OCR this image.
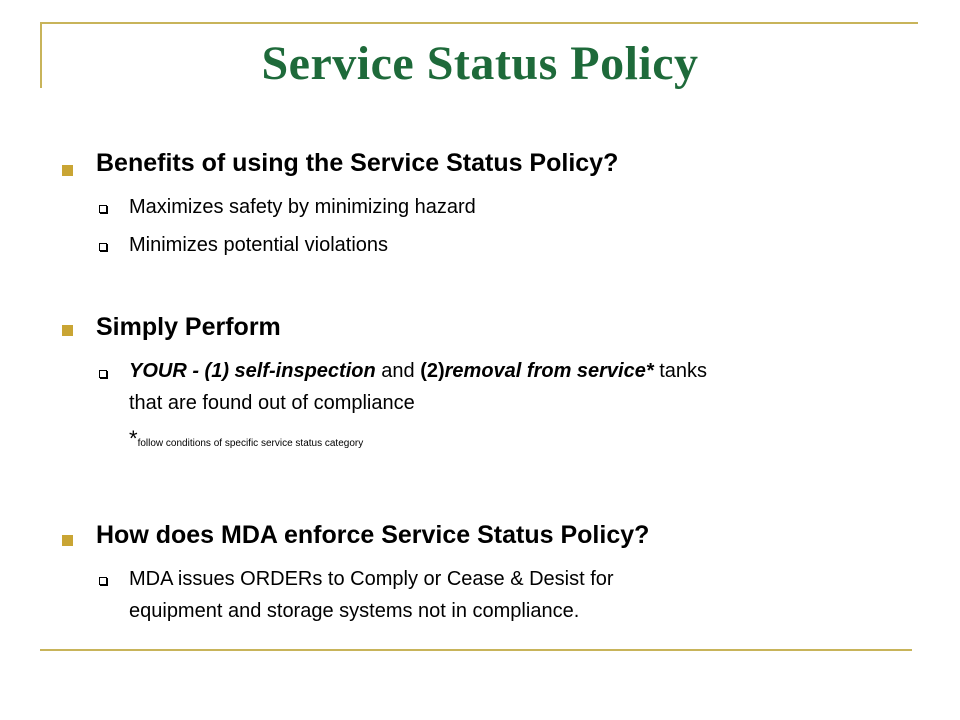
Service Status Policy
Benefits of using the Service Status Policy?
Maximizes safety by minimizing hazard
Minimizes potential violations
Simply Perform
YOUR - (1) self-inspection and (2)removal from service* tanks
that are found out of compliance
*follow conditions of specific service status category
How does MDA enforce Service Status Policy?
MDA issues ORDERs to Comply or Cease & Desist for
equipment and storage systems not in compliance.
